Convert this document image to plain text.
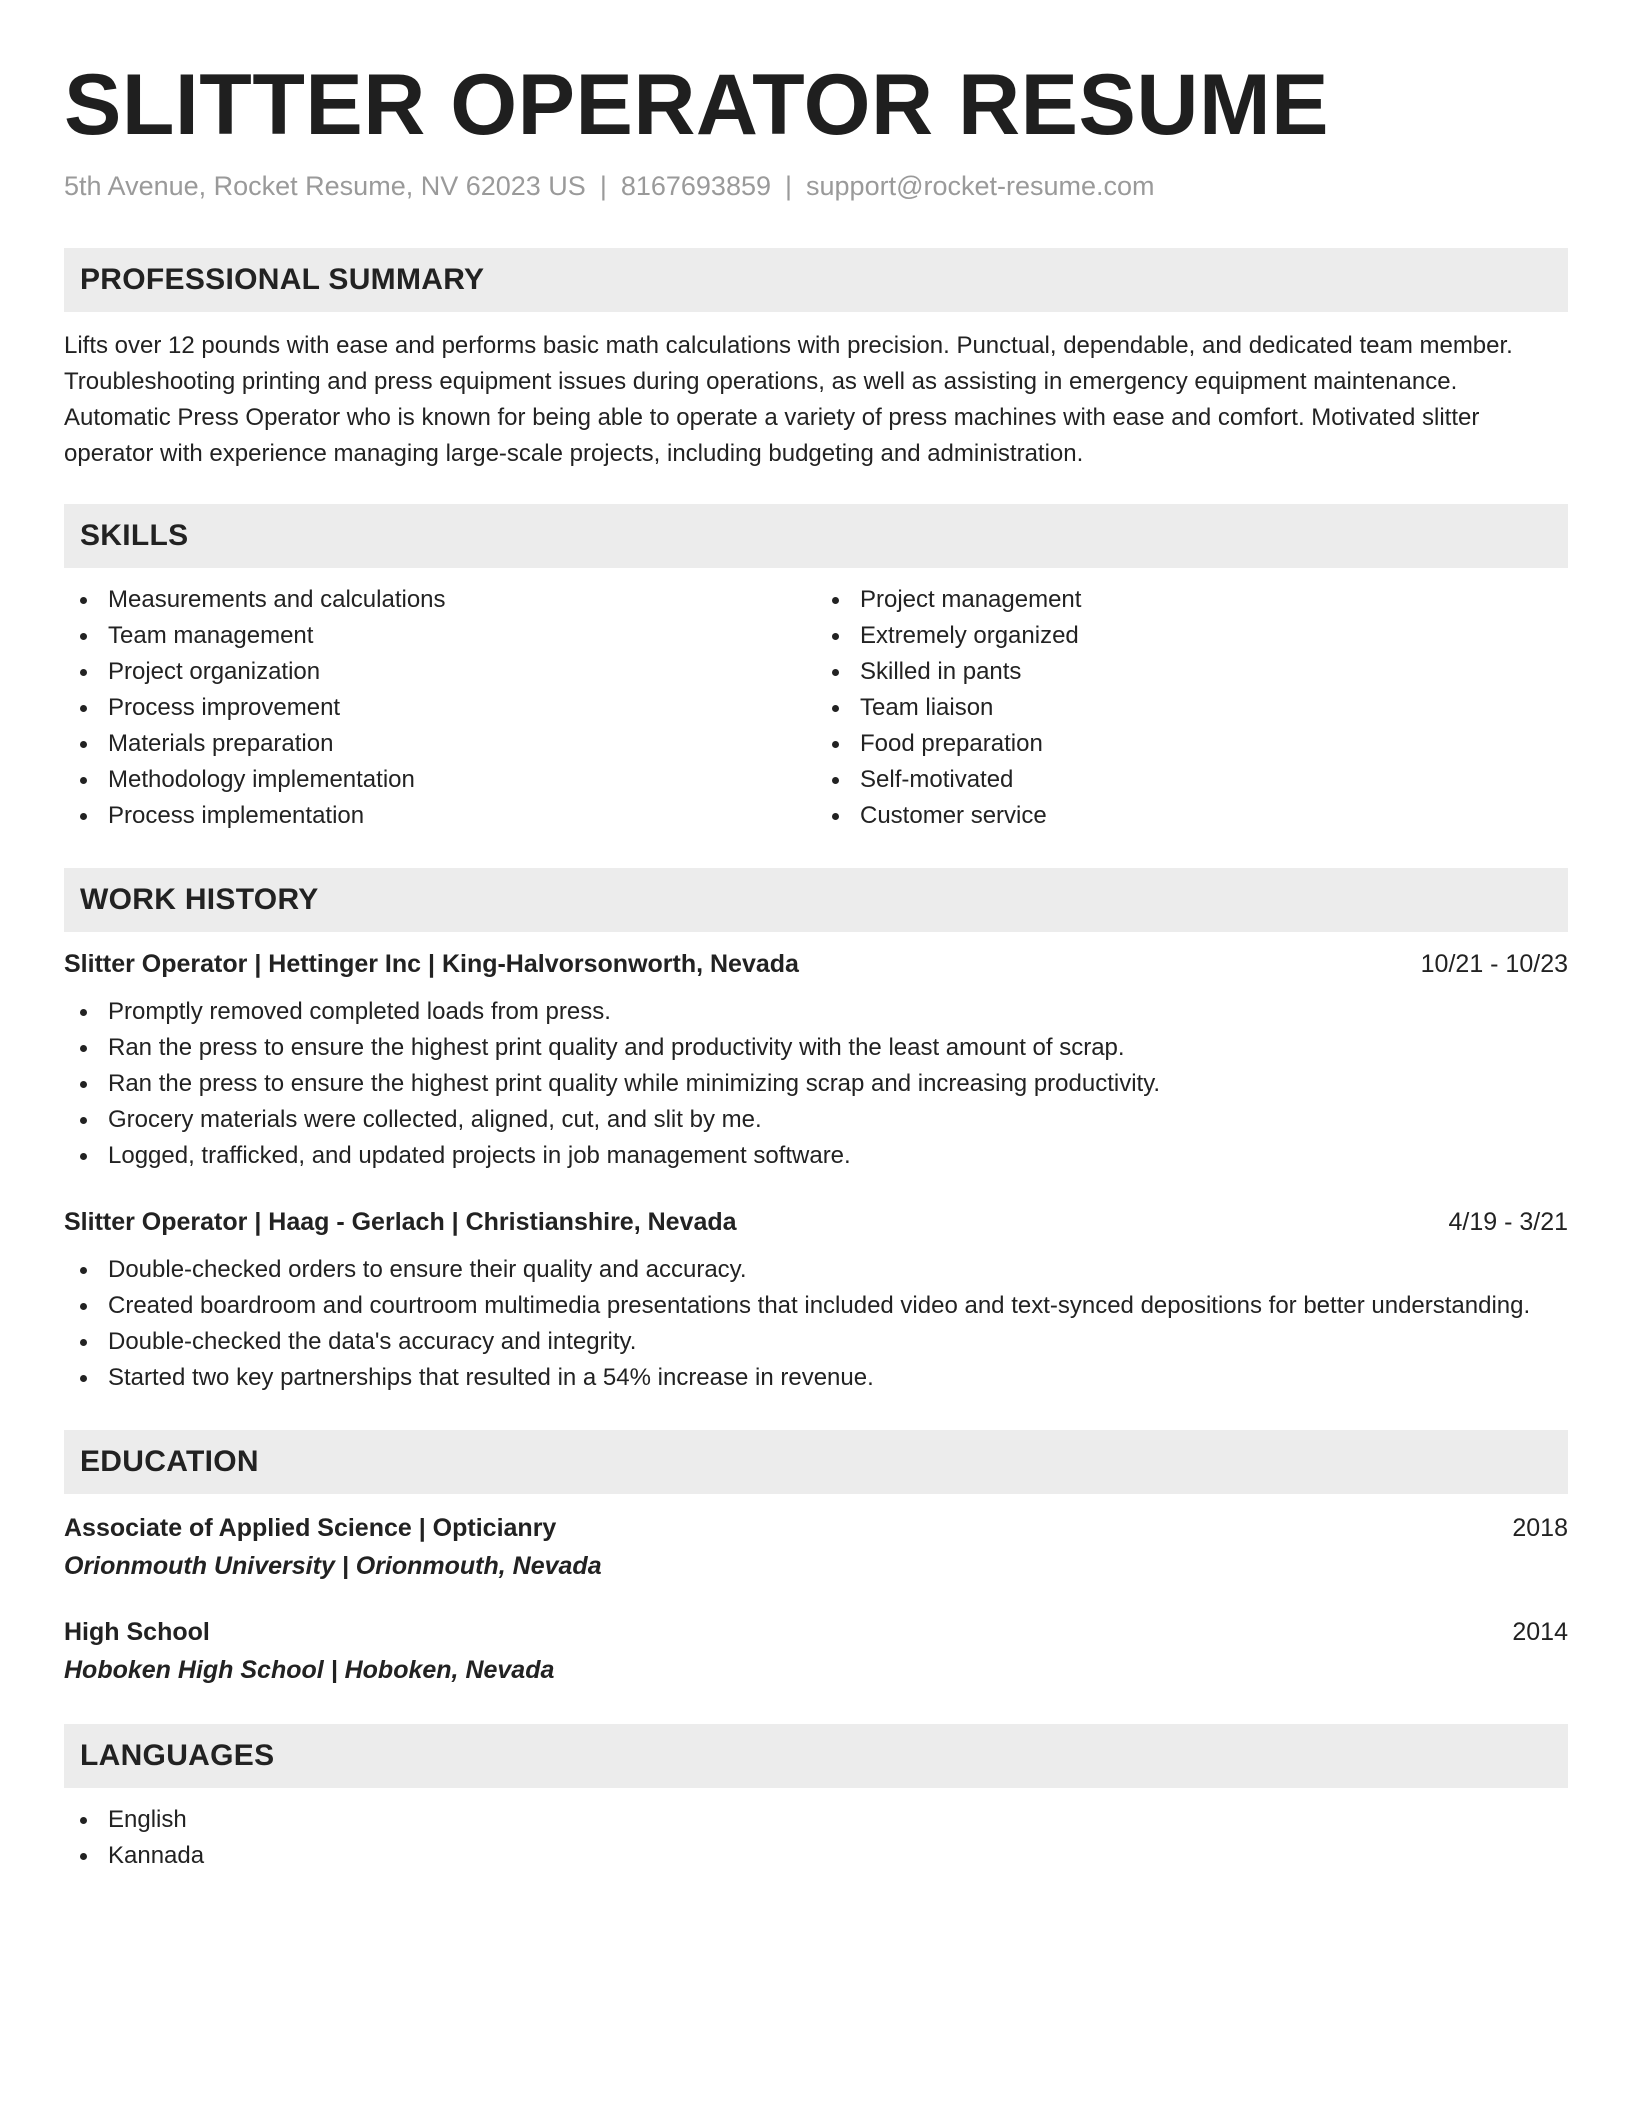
SLITTER OPERATOR RESUME
5th Avenue, Rocket Resume, NV 62023 US | 8167693859 | support@rocket-resume.com
PROFESSIONAL SUMMARY

Lifts over 12 pounds with ease and performs basic math calculations with precision. Punctual, dependable, and dedicated team member. Troubleshooting printing and press equipment issues during operations, as well as assisting in emergency equipment maintenance. Automatic Press Operator who is known for being able to operate a variety of press machines with ease and comfort. Motivated slitter operator with experience managing large-scale projects, including budgeting and administration.

SKILLS
Measurements and calculations
Team management
Project organization
Process improvement
Materials preparation
Methodology implementation
Process implementation
Project management
Extremely organized
Skilled in pants
Team liaison
Food preparation
Self-motivated
Customer service
WORK HISTORY
Slitter Operator | Hettinger Inc | King-Halvorsonworth, Nevada	10/21 - 10/23
Promptly removed completed loads from press.
Ran the press to ensure the highest print quality and productivity with the least amount of scrap.
Ran the press to ensure the highest print quality while minimizing scrap and increasing productivity.
Grocery materials were collected, aligned, cut, and slit by me.
Logged, trafficked, and updated projects in job management software.
Slitter Operator | Haag - Gerlach | Christianshire, Nevada	4/19 - 3/21
Double-checked orders to ensure their quality and accuracy.
Created boardroom and courtroom multimedia presentations that included video and text-synced depositions for better understanding.
Double-checked the data's accuracy and integrity.
Started two key partnerships that resulted in a 54% increase in revenue.
EDUCATION
Associate of Applied Science | Opticianry	2018
Orionmouth University | Orionmouth, Nevada
High School	2014
Hoboken High School | Hoboken, Nevada
LANGUAGES
English
Kannada
